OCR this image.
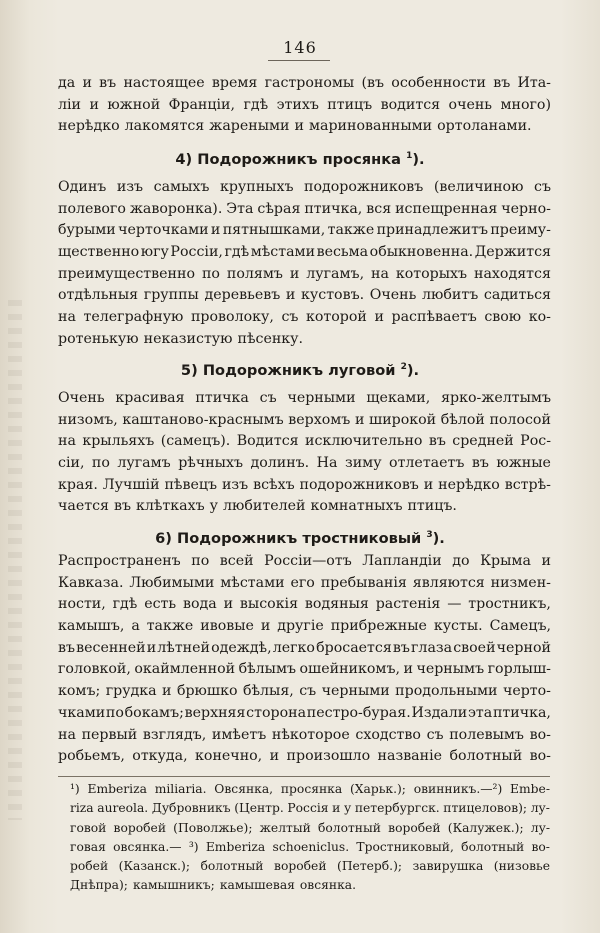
146
да и въ настоящее время гастрономы (въ особенности въ Ита-
ліи и южной Франціи, гдѣ этихъ птицъ водится очень много)
нерѣдко лакомятся жареными и маринованными ортоланами.
4) Подорожникъ просянка $^1$).
Одинъ изъ самыхъ крупныхъ подорожниковъ (величиною съ
полевого жаворонка). Эта сѣрая птичка, вся испещренная черно-
бурыми черточками и пятнышками, также принадлежитъ преиму-
щественно югу Россіи, гдѣ мѣстами весьма обыкновенна. Держится
преимущественно по полямъ и лугамъ, на которыхъ находятся
отдѣльныя группы деревьевъ и кустовъ. Очень любитъ садиться
на телеграфную проволоку, съ которой и распѣваетъ свою ко-
ротенькую неказистую пѣсенку.
5) Подорожникъ луговой $^2$).
Очень красивая птичка съ черными щеками, ярко-желтымъ
низомъ, каштаново-краснымъ верхомъ и широкой бѣлой полосой
на крыльяхъ (самецъ). Водится исключительно въ средней Рос-
сіи, по лугамъ рѣчныхъ долинъ. На зиму отлетаетъ въ южные
края. Лучшій пѣвецъ изъ всѣхъ подорожниковъ и нерѣдко встрѣ-
чается въ клѣткахъ у любителей комнатныхъ птицъ.
6) Подорожникъ тростниковый $^3$).
Распространенъ по всей Россіи—отъ Лапландіи до Крыма и
Кавказа. Любимыми мѣстами его пребыванія являются низмен-
ности, гдѣ есть вода и высокія водяныя растенія — тростникъ,
камышъ, а также ивовые и другіе прибрежные кусты. Самецъ,
въ весенней и лѣтней одеждѣ, легко бросается въ глаза своей черной
головкой, окаймленной бѣлымъ ошейникомъ, и чернымъ горлыш-
комъ; грудка и брюшко бѣлыя, съ черными продольными черто-
чками по бокамъ; верхняя сторона пестро-бурая. Издали эта птичка,
на первый взглядъ, имѣетъ нѣкоторое сходство съ полевымъ во-
робьемъ, откуда, конечно, и произошло названіе болотный во-
¹) Emberiza miliaria. Овсянка, просянка (Харьк.); овинникъ.—²) Embe-
riza aureola. Дубровникъ (Центр. Россія и у петербургск. птицеловов); лу-
говой воробей (Поволжье); желтый болотный воробей (Калужек.); лу-
говая овсянка.— ³) Emberiza schoeniclus. Тростниковый, болотный во-
робей (Казанск.); болотный воробей (Петерб.); завирушка (низовье
Днѣпра); камышникъ; камышевая овсянка.
